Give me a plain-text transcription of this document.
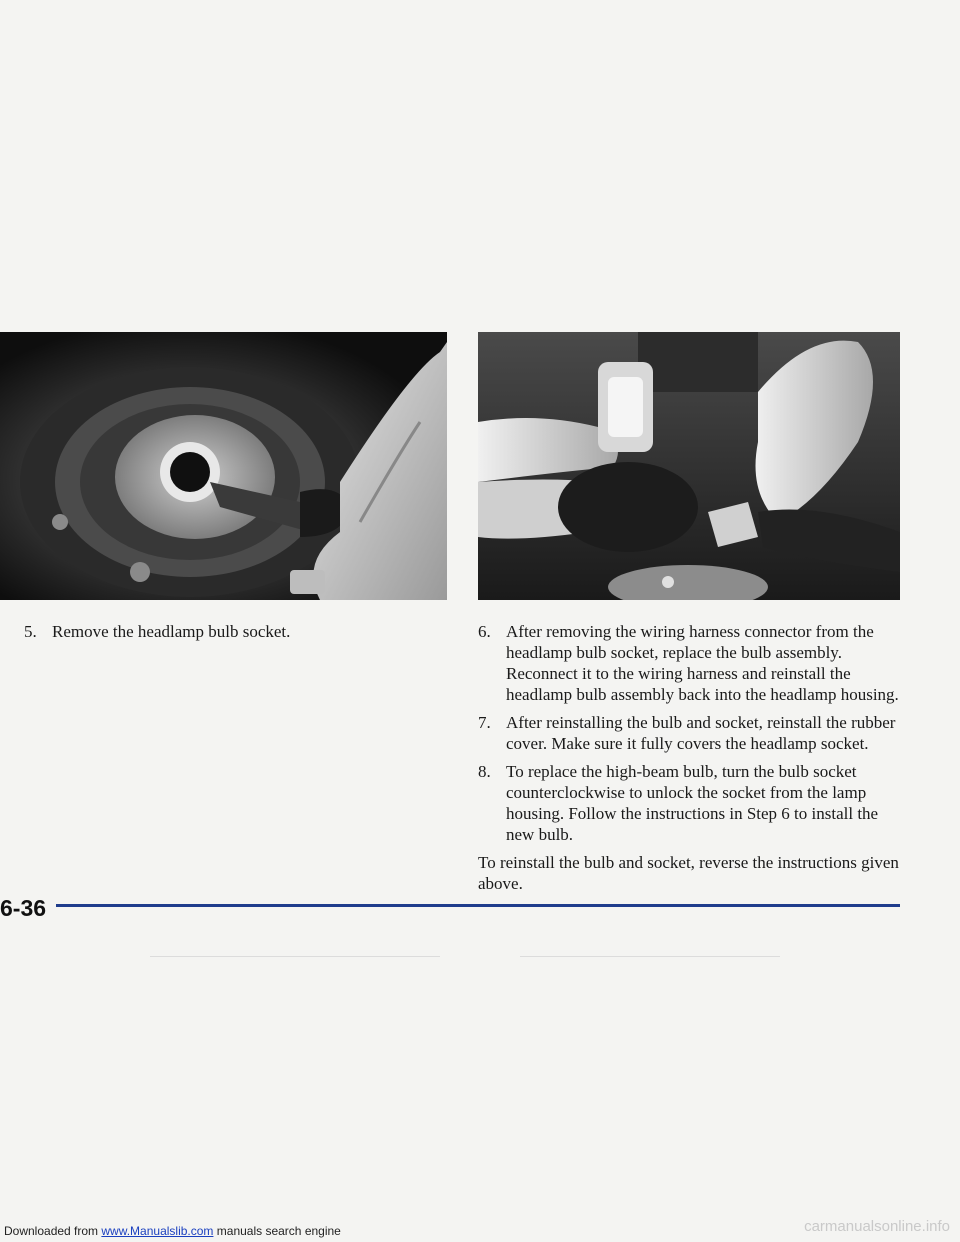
5. Remove the headlamp bulb socket.	6. After removing the wiring harness connector from the headlamp bulb socket, replace the bulb assembly. Reconnect it to the wiring harness and reinstall the headlamp bulb assembly back into the headlamp housing.
7. After reinstalling the bulb and socket, reinstall the rubber cover. Make sure it fully covers the headlamp socket.
8. To replace the high-beam bulb, turn the bulb socket counterclockwise to unlock the socket from the lamp housing. Follow the instructions in Step 6 to install the new bulb.
To reinstall the bulb and socket, reverse the instructions given above.
6-36
Downloaded from www.Manualslib.com manuals search engine	carmanualsonline.info
